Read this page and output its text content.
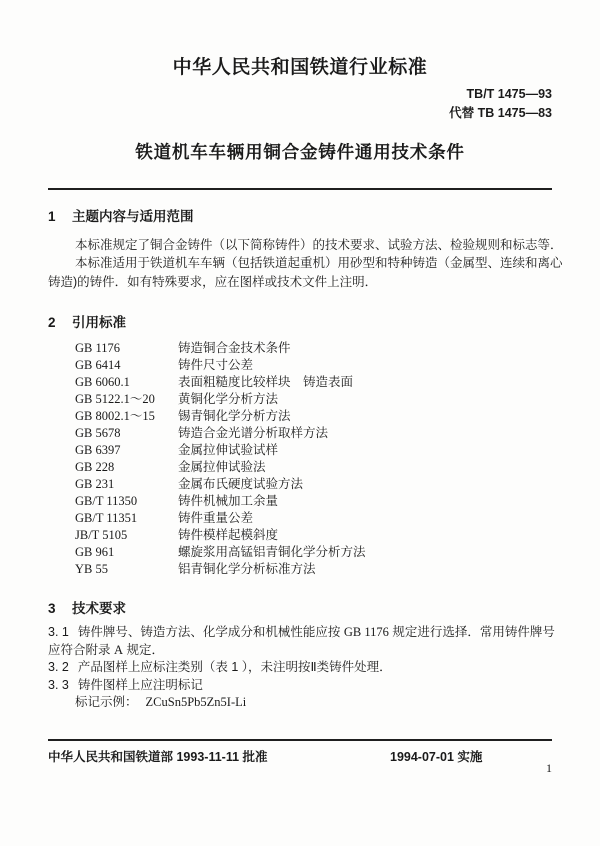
中华人民共和国铁道行业标准
TB/T 1475—93
代替 TB 1475—83
铁道机车车辆用铜合金铸件通用技术条件
1 主题内容与适用范围
本标准规定了铜合金铸件（以下简称铸件）的技术要求、试验方法、检验规则和标志等．
本标准适用于铁道机车车辆（包括铁道起重机）用砂型和特种铸造（金属型、连续和离心
铸造)的铸件．如有特殊要求，应在图样或技术文件上注明．
2 引用标准
GB 1176	铸造铜合金技术条件
GB 6414	铸件尺寸公差
GB 6060.1	表面粗糙度比较样块　铸造表面
GB 5122.1～20 黄铜化学分析方法
GB 8002.1～15 锡青铜化学分析方法
GB 5678	铸造合金光谱分析取样方法
GB 6397	金属拉伸试验试样
GB 228	金属拉伸试验法
GB 231	金属布氏硬度试验方法
GB/T 11350	铸件机械加工余量
GB/T 11351	铸件重量公差
JB/T 5105	铸件模样起模斜度
GB 961	螺旋浆用高锰铝青铜化学分析方法
YB 55	铝青铜化学分析标准方法
3 技术要求
3. 1 铸件牌号、铸造方法、化学成分和机械性能应按 GB 1176 规定进行选择．常用铸件牌号
应符合附录 A 规定．
3. 2 产品图样上应标注类别（表 1 ），未注明按Ⅱ类铸件处理．
3. 3 铸件图样上应注明标记
标记示例： ZCuSn5Pb5Zn5I-Li
中华人民共和国铁道部 1993-11-11 批准	1994-07-01 实施
1
